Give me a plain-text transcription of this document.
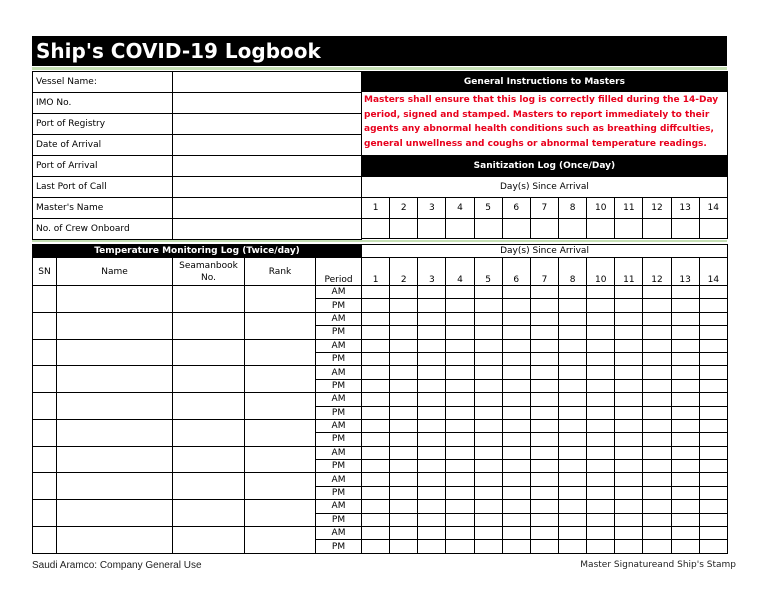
Ship's COVID-19 Logbook
Vessel Name:	
IMO No.	
Port of Registry	
Date of Arrival	
Port of Arrival	
Last Port of Call	
Master's Name	
No. of Crew Onboard	
General Instructions to Masters												
Masters shall ensure that this log is correctly filled during the 14-Day period, signed and stamped. Masters to report immediately to their agents any abnormal health conditions such as breathing diffculties, general unwellness and coughs or abnormal temperature readings.												
Sanitization Log (Once/Day)												
Day(s) Since Arrival												
1	2	3	4	5	6	7	8	10	11	12	13	14

Temperature Monitoring Log (Twice/day)					Day(s) Since Arrival												
SN	Name	Seamanbook No.	Rank	Period	1	2	3	4	5	6	7	8	10	11	12	13	14
				AM													
				PM													
				AM													
				PM													
				AM													
				PM													
				AM													
				PM													
				AM													
				PM													
				AM													
				PM													
				AM													
				PM													
				AM													
				PM													
				AM													
				PM													
				AM													
				PM													
Saudi Aramco: Company General Use	Master Signatureand Ship's Stamp
